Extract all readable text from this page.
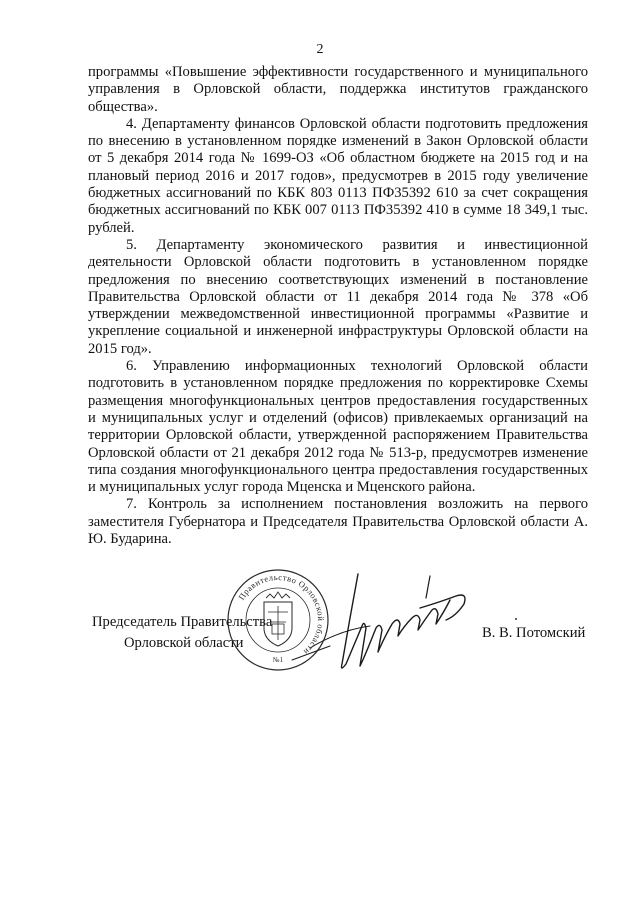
2

программы «Повышение эффективности государственного и муниципального управления в Орловской области, поддержка институтов гражданского общества».

4. Департаменту финансов Орловской области подготовить предложения по внесению в установленном порядке изменений в Закон Орловской области от 5 декабря 2014 года № 1699-ОЗ «Об областном бюджете на 2015 год и на плановый период 2016 и 2017 годов», предусмотрев в 2015 году увеличение бюджетных ассигнований по КБК 803 0113 ПФ35392 610 за счет сокращения бюджетных ассигнований по КБК 007 0113 ПФ35392 410 в сумме 18 349,1 тыс. рублей.

5. Департаменту экономического развития и инвестиционной деятельности Орловской области подготовить в установленном порядке предложения по внесению соответствующих изменений в постановление Правительства Орловской области от 11 декабря 2014 года № 378 «Об утверждении межведомственной инвестиционной программы «Развитие и укрепление социальной и инженерной инфраструктуры Орловской области на 2015 год».

6. Управлению информационных технологий Орловской области подготовить в установленном порядке предложения по корректировке Схемы размещения многофункциональных центров предоставления государственных и муниципальных услуг и отделений (офисов) привлекаемых организаций на территории Орловской области, утвержденной распоряжением Правительства Орловской области от 21 декабря 2012 года № 513-р, предусмотрев изменение типа создания многофункционального центра предоставления государственных и муниципальных услуг города Мценска и Мценского района.

7. Контроль за исполнением постановления возложить на первого заместителя Губернатора и Председателя Правительства Орловской области А. Ю. Бударина.

Председатель Правительства
Орловской области
Правительство Орловской области
№1
В. В. Потомский
